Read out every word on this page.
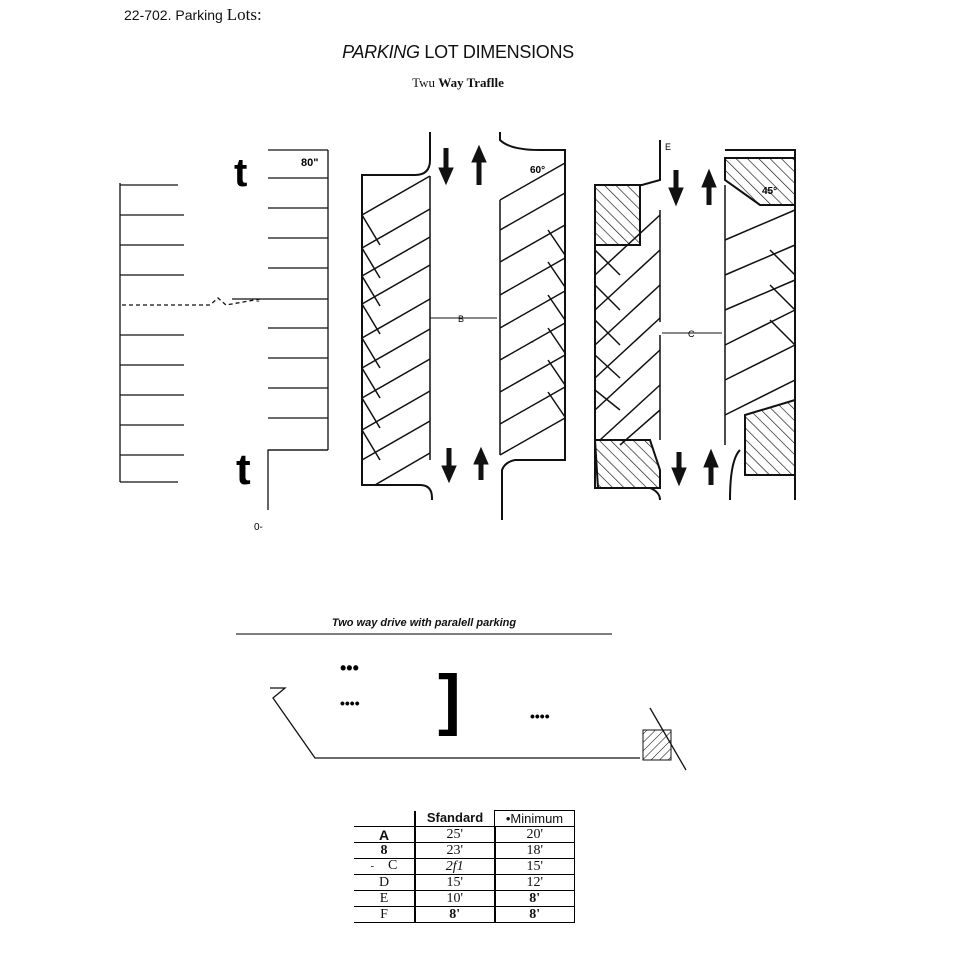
22-702. Parking Lots:
PARKING LOT DIMENSIONS
Twu Way Traflle
t
t
80"
0-
-
B
60°
-
C
E
45°
Two way drive with paralell parking
•••
•••• ]	••••
	Sfandard	•Minimum
A	25'	20'
8	23'	18'
- C	2f1	15'
D	15'	12'
E	10'	8'
F	8'	8'
